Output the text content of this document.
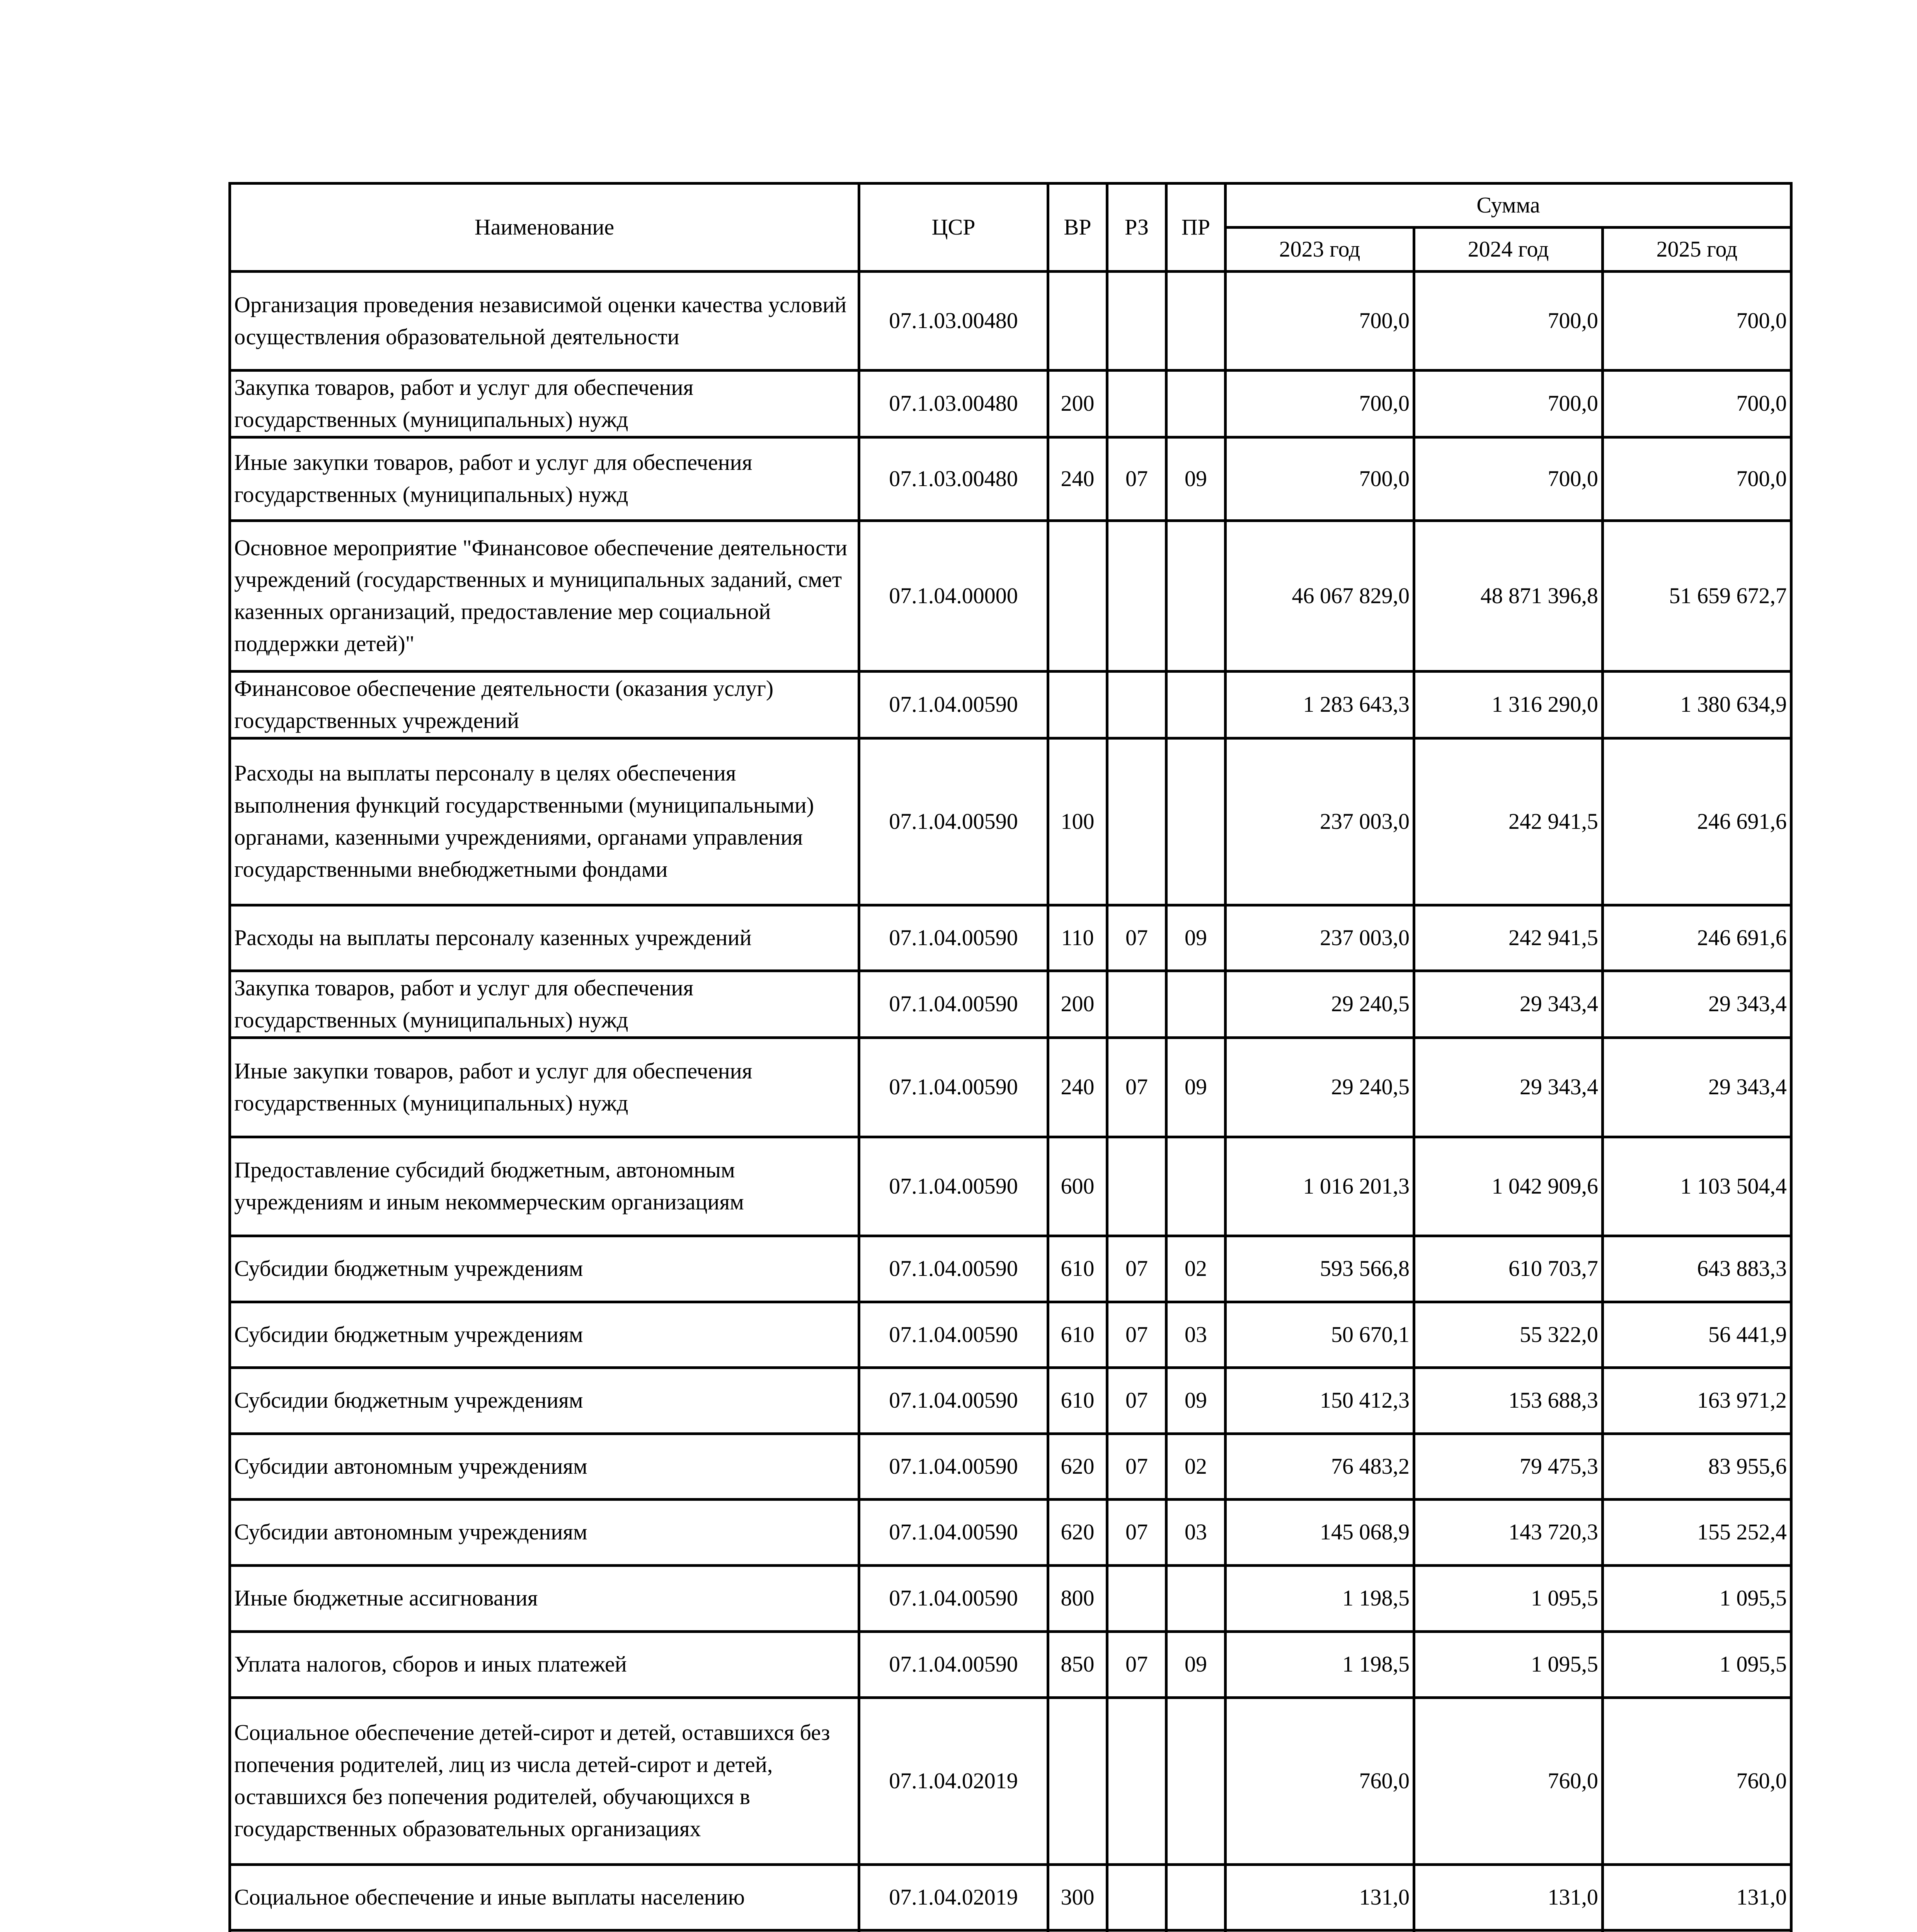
Наименование	ЦСР	ВР	РЗ	ПР	Сумма		
					2023 год	2024 год	2025 год
Организация проведения независимой оценки качества условий осуществления образовательной деятельности	07.1.03.00480				700,0	700,0	700,0
Закупка товаров, работ и услуг для обеспечения государственных (муниципальных) нужд	07.1.03.00480	200			700,0	700,0	700,0
Иные закупки товаров, работ и услуг для обеспечения государственных (муниципальных) нужд	07.1.03.00480	240	07	09	700,0	700,0	700,0
Основное мероприятие "Финансовое обеспечение деятельности учреждений (государственных и муниципальных заданий, смет казенных организаций, предоставление мер социальной поддержки детей)"	07.1.04.00000				46 067 829,0	48 871 396,8	51 659 672,7
Финансовое обеспечение деятельности (оказания услуг) государственных учреждений	07.1.04.00590				1 283 643,3	1 316 290,0	1 380 634,9
Расходы на выплаты персоналу в целях обеспечения выполнения функций государственными (муниципальными) органами, казенными учреждениями, органами управления государственными внебюджетными фондами	07.1.04.00590	100			237 003,0	242 941,5	246 691,6
Расходы на выплаты персоналу казенных учреждений	07.1.04.00590	110	07	09	237 003,0	242 941,5	246 691,6
Закупка товаров, работ и услуг для обеспечения государственных (муниципальных) нужд	07.1.04.00590	200			29 240,5	29 343,4	29 343,4
Иные закупки товаров, работ и услуг для обеспечения государственных (муниципальных) нужд	07.1.04.00590	240	07	09	29 240,5	29 343,4	29 343,4
Предоставление субсидий бюджетным, автономным учреждениям и иным некоммерческим организациям	07.1.04.00590	600			1 016 201,3	1 042 909,6	1 103 504,4
Субсидии бюджетным учреждениям	07.1.04.00590	610	07	02	593 566,8	610 703,7	643 883,3
Субсидии бюджетным учреждениям	07.1.04.00590	610	07	03	50 670,1	55 322,0	56 441,9
Субсидии бюджетным учреждениям	07.1.04.00590	610	07	09	150 412,3	153 688,3	163 971,2
Субсидии автономным учреждениям	07.1.04.00590	620	07	02	76 483,2	79 475,3	83 955,6
Субсидии автономным учреждениям	07.1.04.00590	620	07	03	145 068,9	143 720,3	155 252,4
Иные бюджетные ассигнования	07.1.04.00590	800			1 198,5	1 095,5	1 095,5
Уплата налогов, сборов и иных платежей	07.1.04.00590	850	07	09	1 198,5	1 095,5	1 095,5
Социальное обеспечение детей-сирот и детей, оставшихся без попечения родителей, лиц из числа детей-сирот и детей, оставшихся без попечения родителей, обучающихся в государственных образовательных организациях	07.1.04.02019				760,0	760,0	760,0
Социальное обеспечение и иные выплаты населению	07.1.04.02019	300			131,0	131,0	131,0
